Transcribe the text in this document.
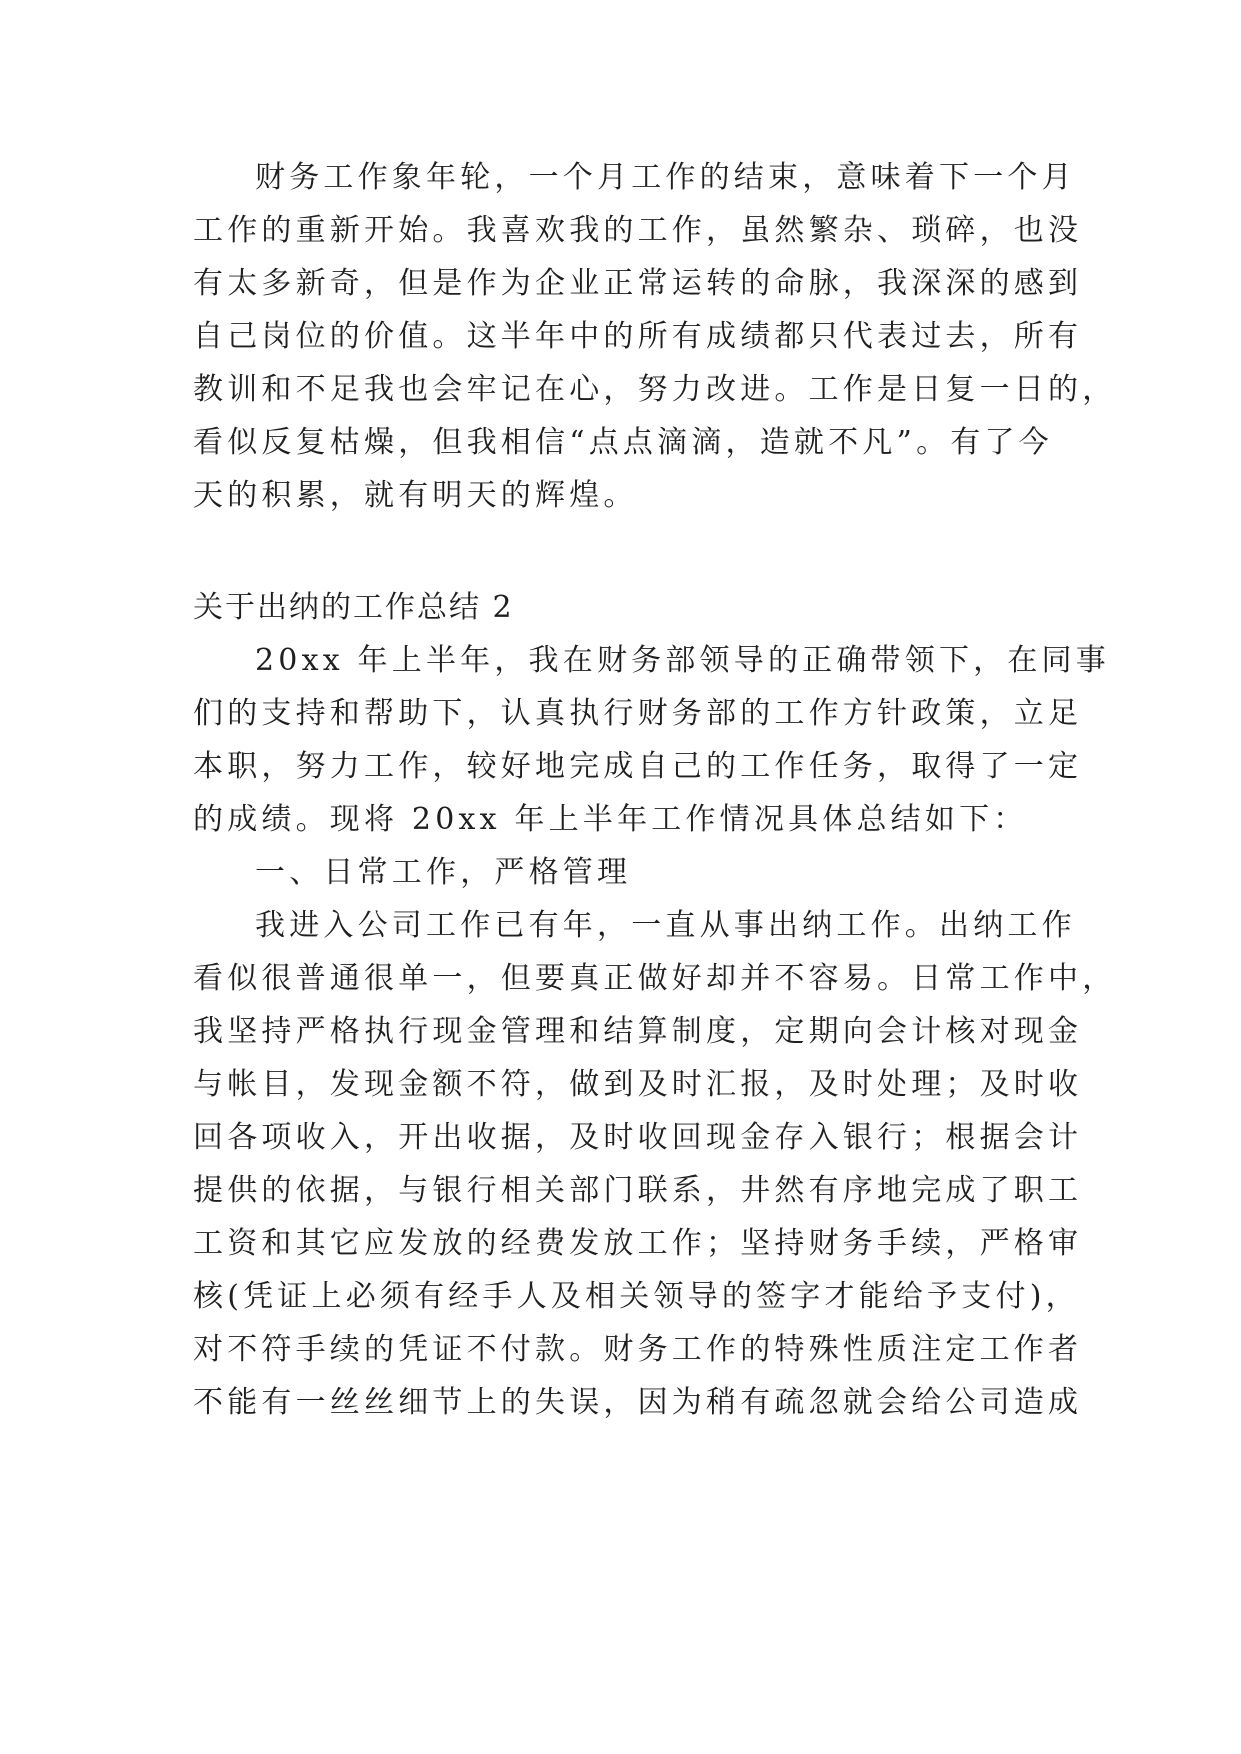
财务工作象年轮，一个月工作的结束，意味着下一个月
工作的重新开始。我喜欢我的工作，虽然繁杂、琐碎，也没
有太多新奇，但是作为企业正常运转的命脉，我深深的感到
自己岗位的价值。这半年中的所有成绩都只代表过去，所有
教训和不足我也会牢记在心，努力改进。工作是日复一日的，
看似反复枯燥，但我相信“点点滴滴，造就不凡”。有了今
天的积累，就有明天的辉煌。
关于出纳的工作总结 2
20xx 年上半年，我在财务部领导的正确带领下，在同事
们的支持和帮助下，认真执行财务部的工作方针政策，立足
本职，努力工作，较好地完成自己的工作任务，取得了一定
的成绩。现将 20xx 年上半年工作情况具体总结如下：
一、日常工作，严格管理
我进入公司工作已有年，一直从事出纳工作。出纳工作
看似很普通很单一，但要真正做好却并不容易。日常工作中，
我坚持严格执行现金管理和结算制度，定期向会计核对现金
与帐目，发现金额不符，做到及时汇报，及时处理；及时收
回各项收入，开出收据，及时收回现金存入银行；根据会计
提供的依据，与银行相关部门联系，井然有序地完成了职工
工资和其它应发放的经费发放工作；坚持财务手续，严格审
核(凭证上必须有经手人及相关领导的签字才能给予支付)，
对不符手续的凭证不付款。财务工作的特殊性质注定工作者
不能有一丝丝细节上的失误，因为稍有疏忽就会给公司造成
